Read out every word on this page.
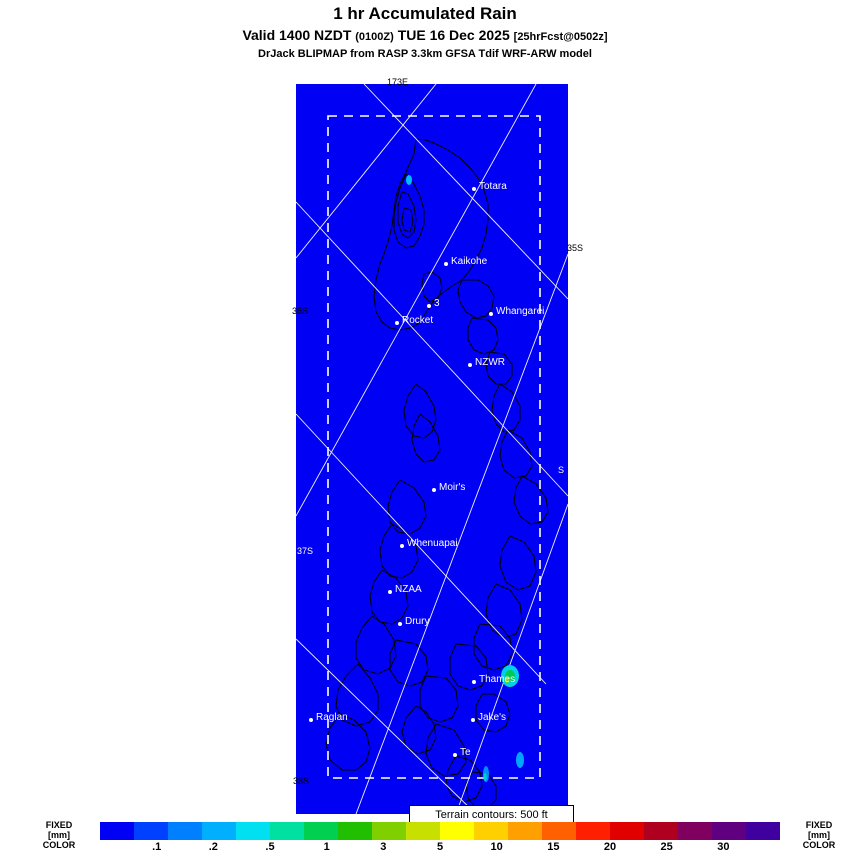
1 hr Accumulated Rain
Valid 1400 NZDT (0100Z) TUE 16 Dec 2025 [25hrFcst@0502z]
DrJack BLIPMAP from RASP 3.3km GFSA Tdif WRF-ARW model
Totara
Kaikohe
3
Rocket
Whangarei
NZWR
Moir's
Whenuapai
NZAA
Drury
Thames
Raglan	Jake's
Te
S
37S
173E
35S
36S
38S
Terrain contours: 500 ft
FIXED
[mm]
COLOR
FIXED
[mm]
COLOR
.1	.2	.5	1	3	5	10	15	20	25	30
